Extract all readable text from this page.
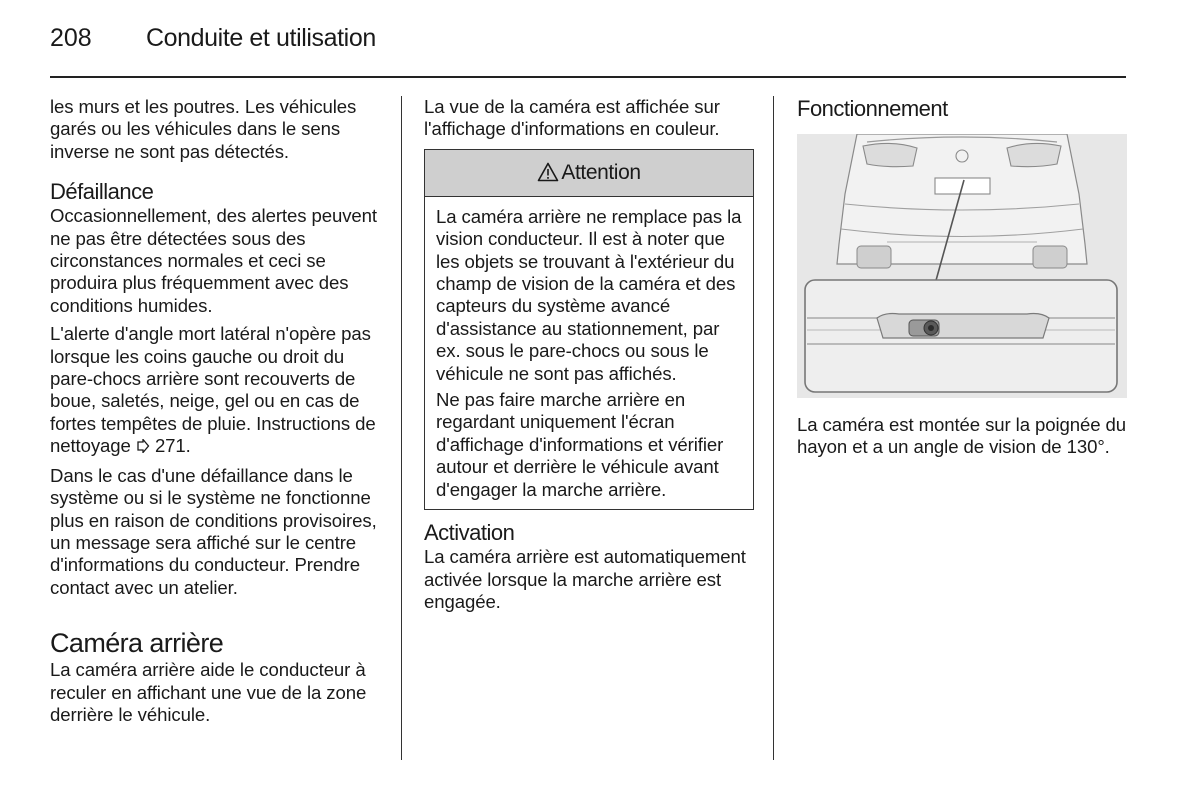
208 Conduite et utilisation

les murs et les poutres. Les véhicules garés ou les véhicules dans le sens inverse ne sont pas détectés.

Défaillance

Occasionnellement, des alertes peuvent ne pas être détectées sous des circonstances normales et ceci se produira plus fréquemment avec des conditions humides.

L'alerte d'angle mort latéral n'opère pas lorsque les coins gauche ou droit du pare-chocs arrière sont recouverts de boue, saletés, neige, gel ou en cas de fortes tempêtes de pluie. Instructions de nettoyage 271.

Dans le cas d'une défaillance dans le système ou si le système ne fonctionne plus en raison de conditions provisoires, un message sera affiché sur le centre d'informations du conducteur. Prendre contact avec un atelier.

Caméra arrière

La caméra arrière aide le conducteur à reculer en affichant une vue de la zone derrière le véhicule.

La vue de la caméra est affichée sur l'affichage d'informations en couleur.

Attention

La caméra arrière ne remplace pas la vision conducteur. Il est à noter que les objets se trouvant à l'extérieur du champ de vision de la caméra et des capteurs du système avancé d'assistance au stationnement, par ex. sous le pare-chocs ou sous le véhicule ne sont pas affichés.

Ne pas faire marche arrière en regardant uniquement l'écran d'affichage d'informations et vérifier autour et derrière le véhicule avant d'engager la marche arrière.

Activation

La caméra arrière est automatiquement activée lorsque la marche arrière est engagée.

Fonctionnement

La caméra est montée sur la poignée du hayon et a un angle de vision de 130°.
